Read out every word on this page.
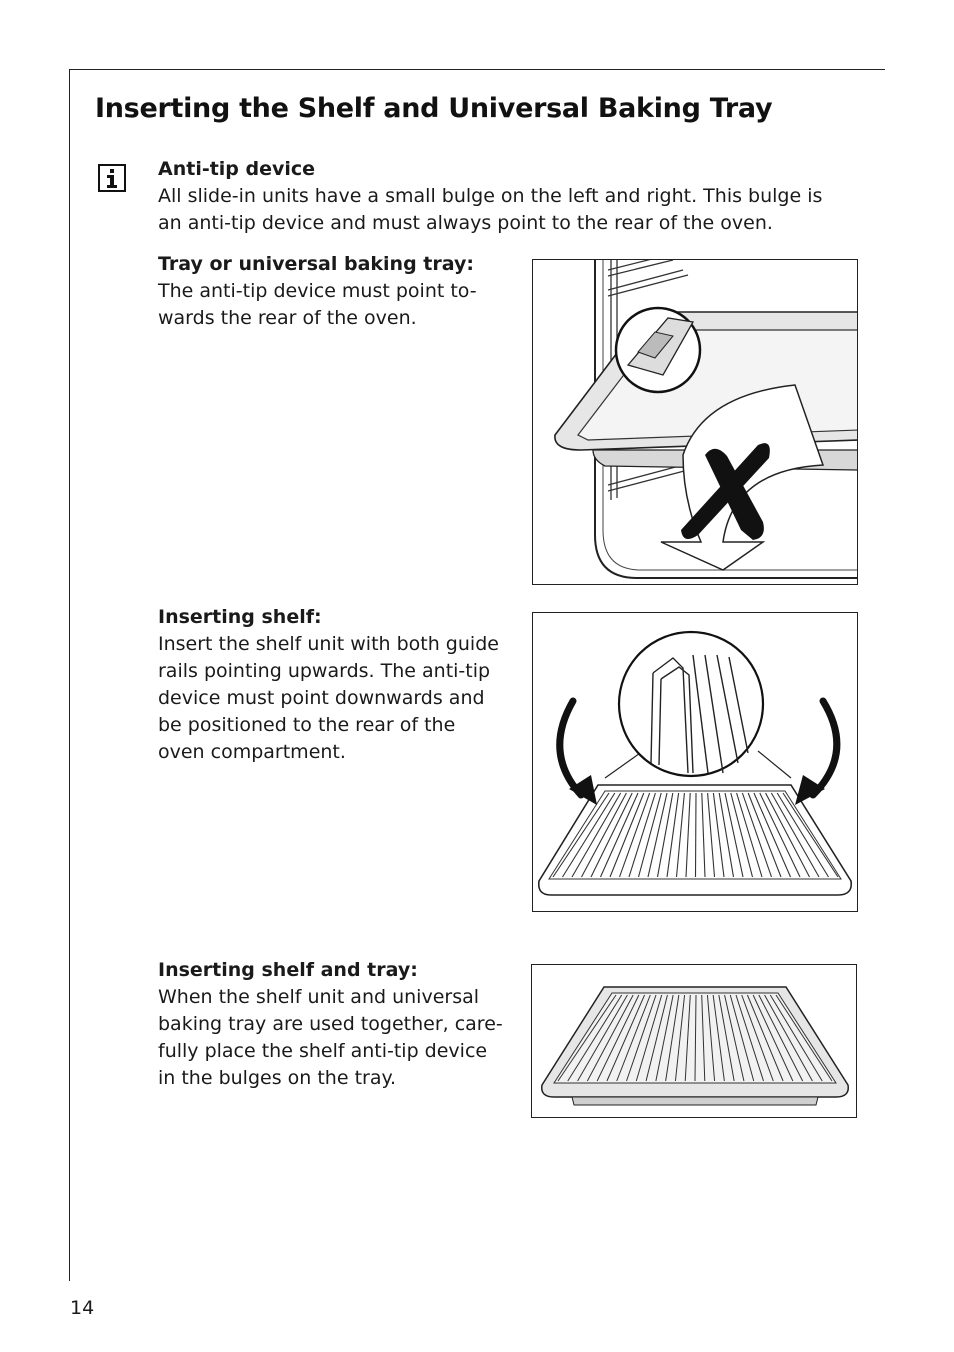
Inserting the Shelf and Universal Baking Tray
Anti-tip device
All slide-in units have a small bulge on the left and right. This bulge is
an anti-tip device and must always point to the rear of the oven.
Tray or universal baking tray:
The anti-tip device must point to-
wards the rear of the oven.
Inserting shelf:
Insert the shelf unit with both guide
rails pointing upwards. The anti-tip
device must point downwards and
be positioned to the rear of the
oven compartment.
Inserting shelf and tray:
When the shelf unit and universal
baking tray are used together, care-
fully place the shelf anti-tip device
in the bulges on the tray.
14
